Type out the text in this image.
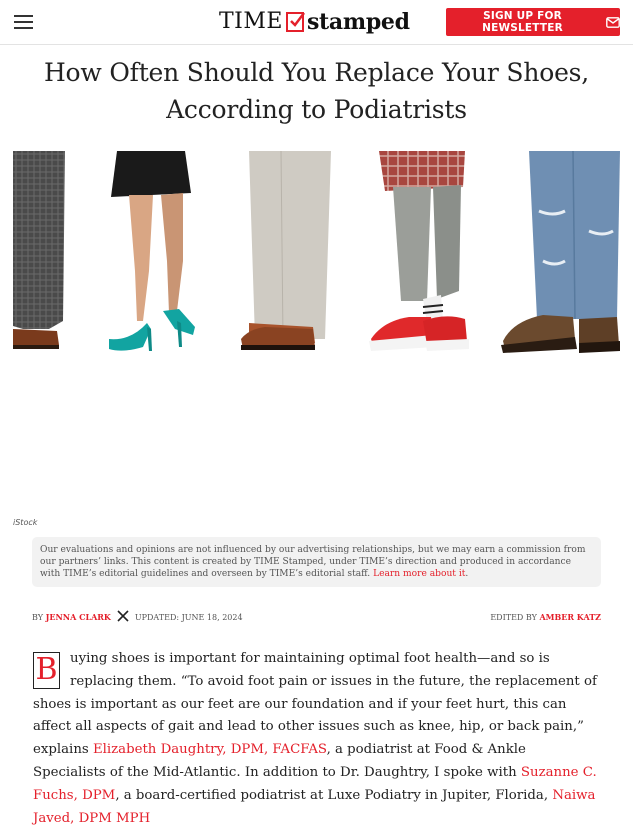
TIME stamped	SIGN UP FOR NEWSLETTER
How Often Should You Replace Your Shoes,
According to Podiatrists
iStock
Our evaluations and opinions are not influenced by our advertising relationships, but we may earn a commission from our partners’ links. This content is created by TIME Stamped, under TIME’s direction and produced in accordance with TIME’s editorial guidelines and overseen by TIME’s editorial staff. Learn more about it.
BY
JENNA CLARK	UPDATED: JUNE 18, 2024	EDITED BY AMBER KATZ

B uying shoes is important for maintaining optimal foot health—and so is replacing them. “To avoid foot pain or issues in the future, the replacement of shoes is important as our feet are our foundation and if your feet hurt, this can affect all aspects of gait and lead to other issues such as knee, hip, or back pain,” explains Elizabeth Daughtry, DPM, FACFAS, a podiatrist at Food & Ankle Specialists of the Mid-Atlantic. In addition to Dr. Daughtry, I spoke with Suzanne C. Fuchs, DPM, a board-certified podiatrist at Luxe Podiatry in Jupiter, Florida, Naiwa Javed, DPM MPH
